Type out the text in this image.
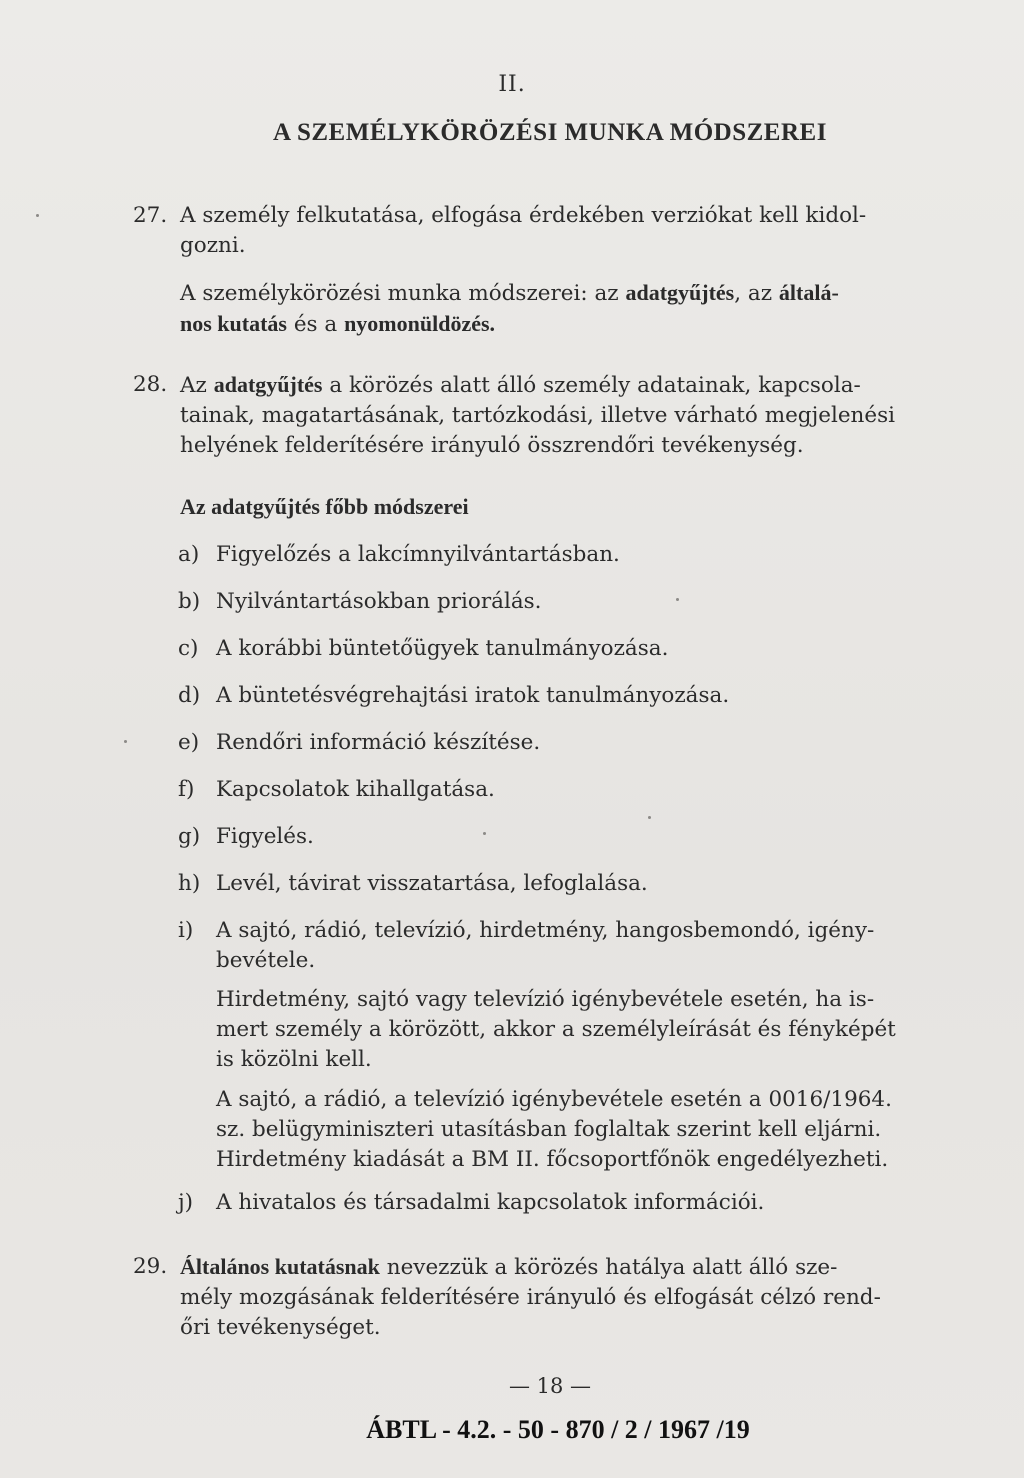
II.
A SZEMÉLYKÖRÖZÉSI MUNKA MÓDSZEREI
27. A személy felkutatása, elfogása érdekében verziókat kell kidol-
gozni.
A személykörözési munka módszerei: az adatgyűjtés, az általá-
nos kutatás és a nyomonüldözés.
28. Az adatgyűjtés a körözés alatt álló személy adatainak, kapcsola-
tainak, magatartásának, tartózkodási, illetve várható megjelenési
helyének felderítésére irányuló összrendőri tevékenység.
Az adatgyűjtés főbb módszerei
a) Figyelőzés a lakcímnyilvántartásban.
b) Nyilvántartásokban priorálás.
c) A korábbi büntetőügyek tanulmányozása.
d) A büntetésvégrehajtási iratok tanulmányozása.
e) Rendőri információ készítése.
f) Kapcsolatok kihallgatása.
g) Figyelés.
h) Levél, távirat visszatartása, lefoglalása.
i) A sajtó, rádió, televízió, hirdetmény, hangosbemondó, igény-
bevétele.
Hirdetmény, sajtó vagy televízió igénybevétele esetén, ha is-
mert személy a körözött, akkor a személyleírását és fényképét
is közölni kell.
A sajtó, a rádió, a televízió igénybevétele esetén a 0016/1964.
sz. belügyminiszteri utasításban foglaltak szerint kell eljárni.
Hirdetmény kiadását a BM II. főcsoportfőnök engedélyezheti.
j) A hivatalos és társadalmi kapcsolatok információi.
29. Általános kutatásnak nevezzük a körözés hatálya alatt álló sze-
mély mozgásának felderítésére irányuló és elfogását célzó rend-
őri tevékenységet.
— 18 —
ÁBTL - 4.2. - 50 - 870 / 2 / 1967 /19
